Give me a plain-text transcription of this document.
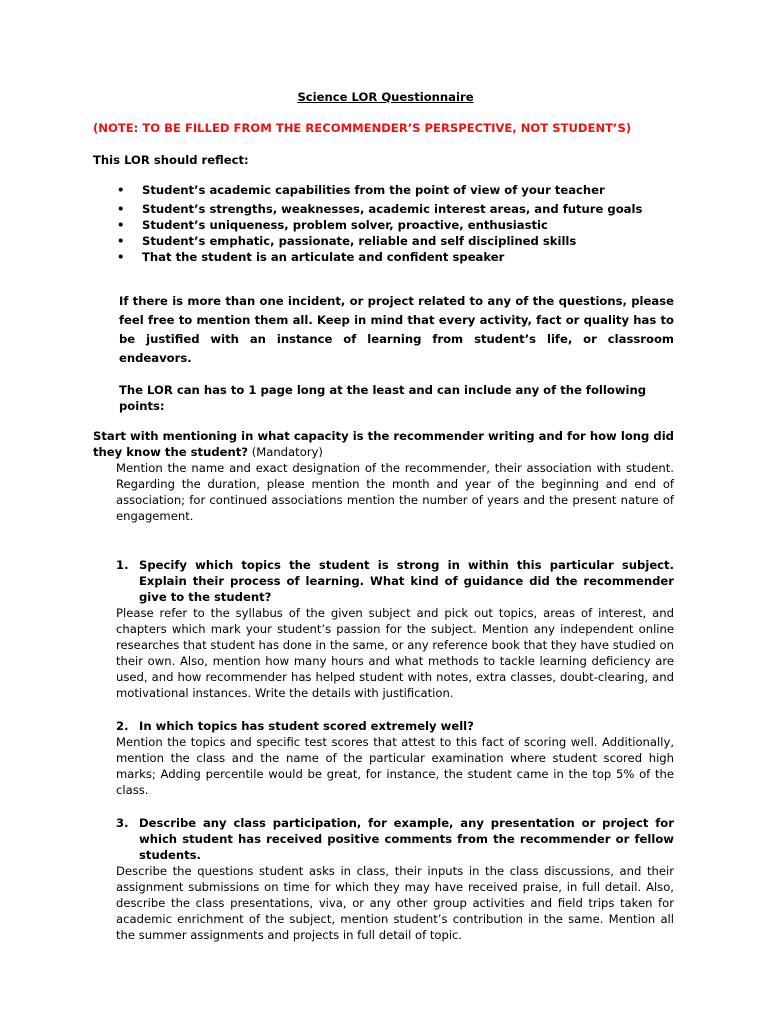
Science LOR Questionnaire
(NOTE: TO BE FILLED FROM THE RECOMMENDER’S PERSPECTIVE, NOT STUDENT’S)
This LOR should reflect:
• Student’s academic capabilities from the point of view of your teacher
• Student’s strengths, weaknesses, academic interest areas, and future goals
• Student’s uniqueness, problem solver, proactive, enthusiastic
• Student’s emphatic, passionate, reliable and self disciplined skills
• That the student is an articulate and confident speaker

If there is more than one incident, or project related to any of the questions, please feel free to mention them all. Keep in mind that every activity, fact or quality has to be justified with an instance of learning from student’s life, or classroom endeavors.

The LOR can has to 1 page long at the least and can include any of the following points:

Start with mentioning in what capacity is the recommender writing and for how long did they know the student? (Mandatory)

Mention the name and exact designation of the recommender, their association with student. Regarding the duration, please mention the month and year of the beginning and end of association; for continued associations mention the number of years and the present nature of engagement.

1. Specify which topics the student is strong in within this particular subject. Explain their process of learning. What kind of guidance did the recommender give to the student?

Please refer to the syllabus of the given subject and pick out topics, areas of interest, and chapters which mark your student’s passion for the subject. Mention any independent online researches that student has done in the same, or any reference book that they have studied on their own. Also, mention how many hours and what methods to tackle learning deficiency are used, and how recommender has helped student with notes, extra classes, doubt-clearing, and motivational instances. Write the details with justification.

2. In which topics has student scored extremely well?

Mention the topics and specific test scores that attest to this fact of scoring well. Additionally, mention the class and the name of the particular examination where student scored high marks; Adding percentile would be great, for instance, the student came in the top 5% of the class.

3. Describe any class participation, for example, any presentation or project for which student has received positive comments from the recommender or fellow students.

Describe the questions student asks in class, their inputs in the class discussions, and their assignment submissions on time for which they may have received praise, in full detail. Also, describe the class presentations, viva, or any other group activities and field trips taken for academic enrichment of the subject, mention student’s contribution in the same. Mention all the summer assignments and projects in full detail of topic.
